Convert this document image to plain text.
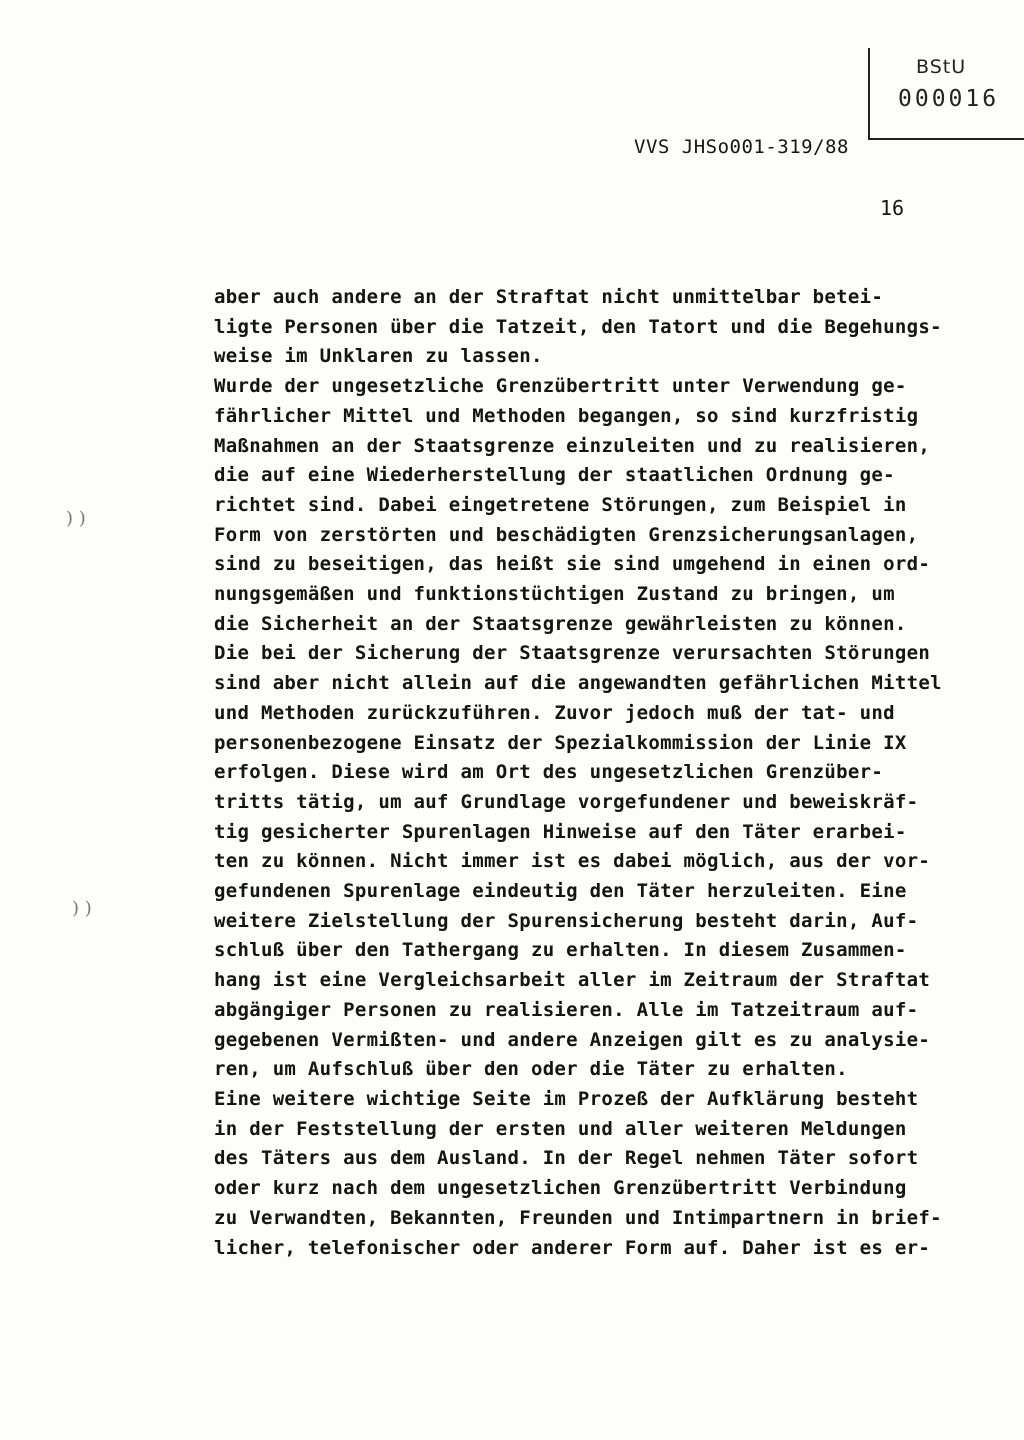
BStU
000016
VVS JHSo001-319/88
16
) )
) )
aber auch andere an der Straftat nicht unmittelbar betei-
ligte Personen über die Tatzeit, den Tatort und die Begehungs-
weise im Unklaren zu lassen.
Wurde der ungesetzliche Grenzübertritt unter Verwendung ge-
fährlicher Mittel und Methoden begangen, so sind kurzfristig
Maßnahmen an der Staatsgrenze einzuleiten und zu realisieren,
die auf eine Wiederherstellung der staatlichen Ordnung ge-
richtet sind. Dabei eingetretene Störungen, zum Beispiel in
Form von zerstörten und beschädigten Grenzsicherungsanlagen,
sind zu beseitigen, das heißt sie sind umgehend in einen ord-
nungsgemäßen und funktionstüchtigen Zustand zu bringen, um
die Sicherheit an der Staatsgrenze gewährleisten zu können.
Die bei der Sicherung der Staatsgrenze verursachten Störungen
sind aber nicht allein auf die angewandten gefährlichen Mittel
und Methoden zurückzuführen. Zuvor jedoch muß der tat- und
personenbezogene Einsatz der Spezialkommission der Linie IX
erfolgen. Diese wird am Ort des ungesetzlichen Grenzüber-
tritts tätig, um auf Grundlage vorgefundener und beweiskräf-
tig gesicherter Spurenlagen Hinweise auf den Täter erarbei-
ten zu können. Nicht immer ist es dabei möglich, aus der vor-
gefundenen Spurenlage eindeutig den Täter herzuleiten. Eine
weitere Zielstellung der Spurensicherung besteht darin, Auf-
schluß über den Tathergang zu erhalten. In diesem Zusammen-
hang ist eine Vergleichsarbeit aller im Zeitraum der Straftat
abgängiger Personen zu realisieren. Alle im Tatzeitraum auf-
gegebenen Vermißten- und andere Anzeigen gilt es zu analysie-
ren, um Aufschluß über den oder die Täter zu erhalten.
Eine weitere wichtige Seite im Prozeß der Aufklärung besteht
in der Feststellung der ersten und aller weiteren Meldungen
des Täters aus dem Ausland. In der Regel nehmen Täter sofort
oder kurz nach dem ungesetzlichen Grenzübertritt Verbindung
zu Verwandten, Bekannten, Freunden und Intimpartnern in brief-
licher, telefonischer oder anderer Form auf. Daher ist es er-
